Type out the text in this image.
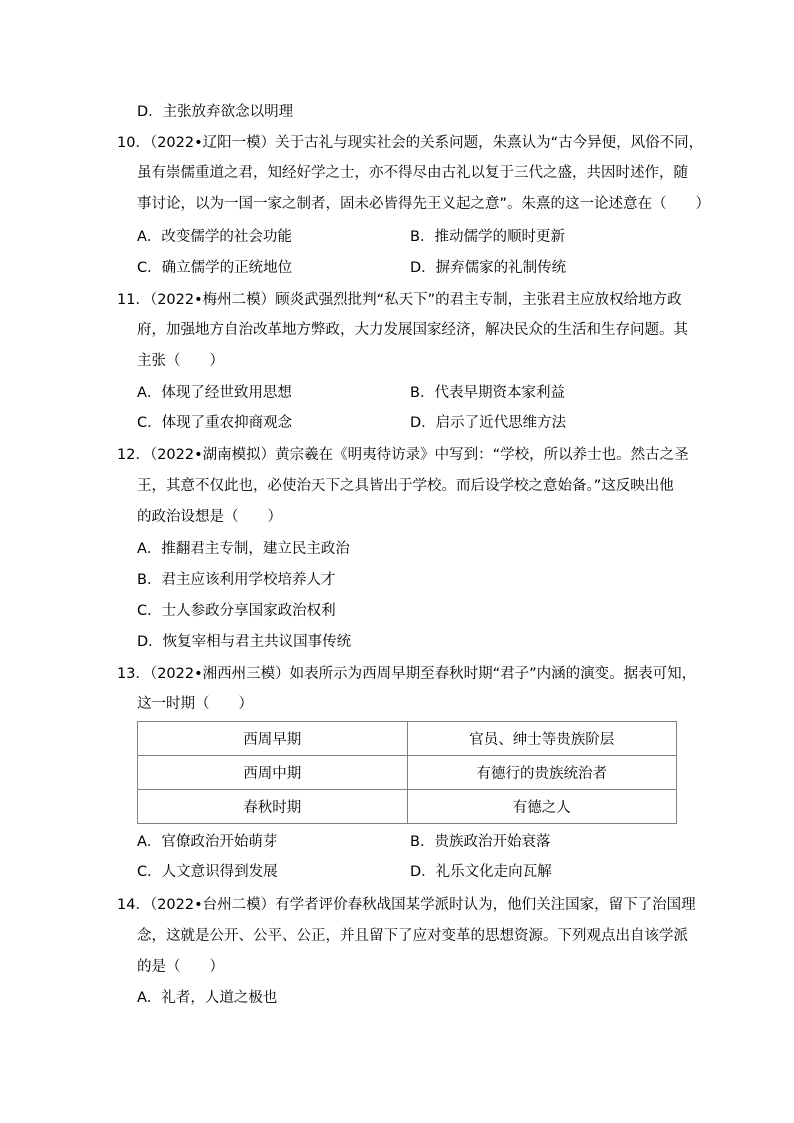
D．主张放弃欲念以明理
10．（2022•辽阳一模）关于古礼与现实社会的关系问题，朱熹认为“古今异便，风俗不同，
虽有崇儒重道之君，知经好学之士，亦不得尽由古礼以复于三代之盛，共因时述作，随
事讨论，以为一国一家之制者，固未必皆得先王义起之意”。朱熹的这一论述意在（　　）
A．改变儒学的社会功能	B．推动儒学的顺时更新
C．确立儒学的正统地位	D．摒弃儒家的礼制传统
11．（2022•梅州二模）顾炎武强烈批判“私天下”的君主专制，主张君主应放权给地方政
府，加强地方自治改革地方弊政，大力发展国家经济，解决民众的生活和生存问题。其
主张（　　）
A．体现了经世致用思想	B．代表早期资本家利益
C．体现了重农抑商观念	D．启示了近代思维方法
12．（2022•湖南模拟）黄宗羲在《明夷待访录》中写到：“学校，所以养士也。然古之圣
王，其意不仅此也，必使治天下之具皆出于学校。而后设学校之意始备。”这反映出他
的政治设想是（　　）
A．推翻君主专制，建立民主政治
B．君主应该利用学校培养人才
C．士人参政分享国家政治权利
D．恢复宰相与君主共议国事传统
13．（2022•湘西州三模）如表所示为西周早期至春秋时期“君子”内涵的演变。据表可知，
这一时期（　　）
西周早期	官员、绅士等贵族阶层
西周中期	有德行的贵族统治者
春秋时期	有德之人
A．官僚政治开始萌芽	B．贵族政治开始衰落
C．人文意识得到发展	D．礼乐文化走向瓦解
14．（2022•台州二模）有学者评价春秋战国某学派时认为，他们关注国家，留下了治国理
念，这就是公开、公平、公正，并且留下了应对变革的思想资源。下列观点出自该学派
的是（　　）
A．礼者，人道之极也
